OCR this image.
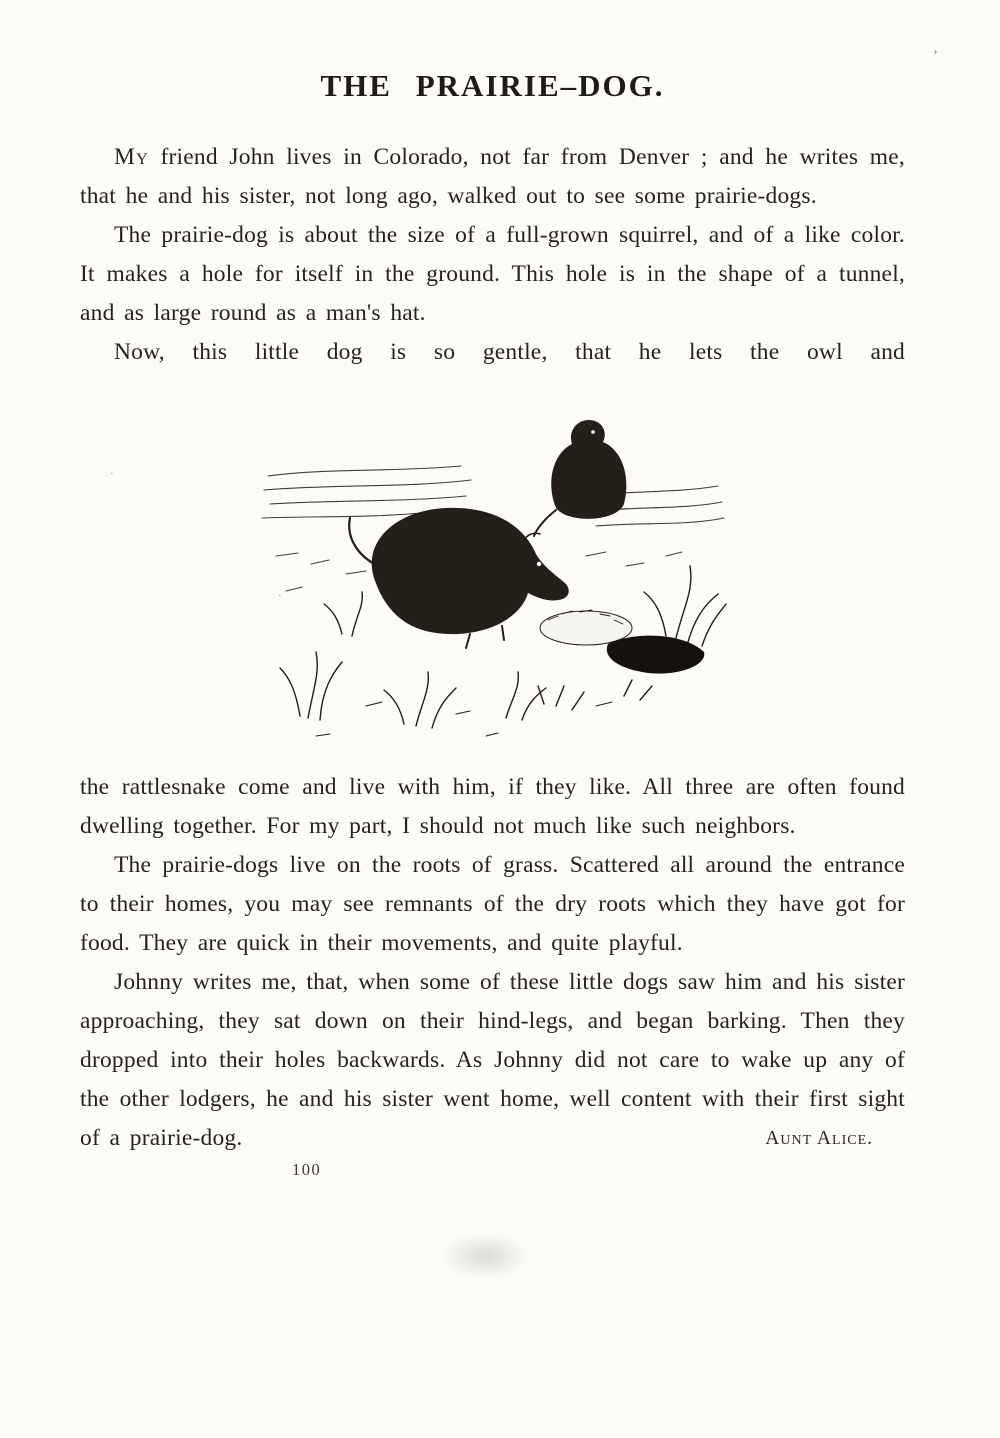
THE PRAIRIE–DOG.

My friend John lives in Colorado, not far from Denver ; and he writes me, that he and his sister, not long ago, walked out to see some prairie-dogs.

The prairie-dog is about the size of a full-grown squirrel, and of a like color. It makes a hole for itself in the ground. This hole is in the shape of a tunnel, and as large round as a man's hat.

Now, this little dog is so gentle, that he lets the owl and

the rattlesnake come and live with him, if they like. All three are often found dwelling together. For my part, I should not much like such neighbors.

The prairie-dogs live on the roots of grass. Scattered all around the entrance to their homes, you may see remnants of the dry roots which they have got for food. They are quick in their movements, and quite playful.

Johnny writes me, that, when some of these little dogs saw him and his sister approaching, they sat down on their hind-legs, and began barking. Then they dropped into their holes backwards. As Johnny did not care to wake up any of the other lodgers, he and his sister went home, well content with their first sight of a prairie-dog.	Aunt Alice.
100
’
·
·
